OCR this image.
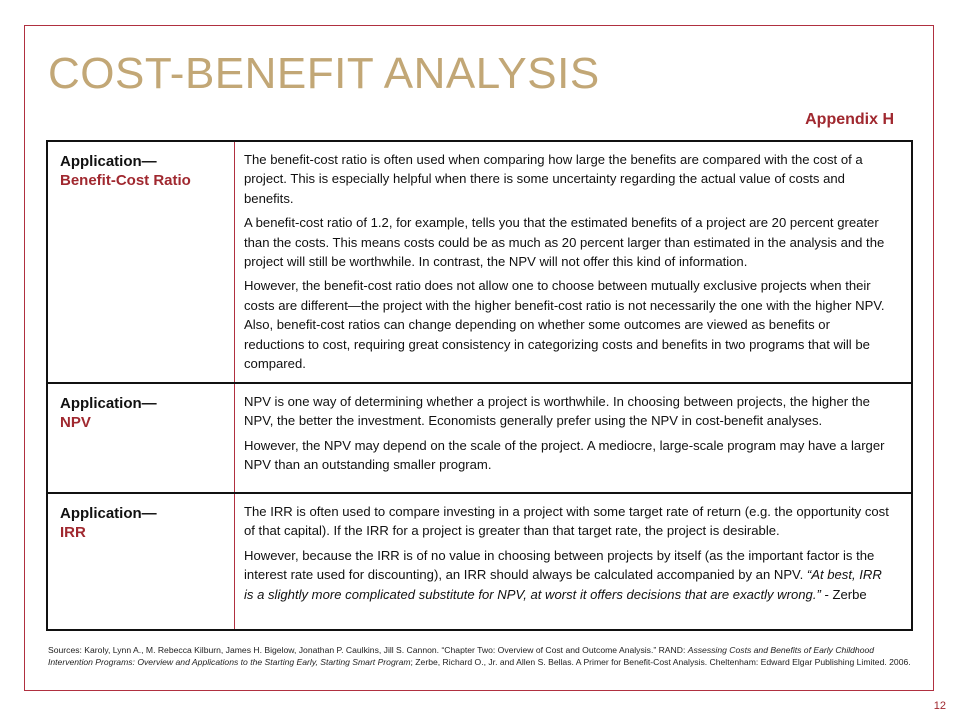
COST-BENEFIT ANALYSIS
Appendix H
Application—
Benefit-Cost Ratio

The benefit-cost ratio is often used when comparing how large the benefits are compared with the cost of a project. This is especially helpful when there is some uncertainty regarding the actual value of costs and benefits.

A benefit-cost ratio of 1.2, for example, tells you that the estimated benefits of a project are 20 percent greater than the costs. This means costs could be as much as 20 percent larger than estimated in the analysis and the project will still be worthwhile. In contrast, the NPV will not offer this kind of information.

However, the benefit-cost ratio does not allow one to choose between mutually exclusive projects when their costs are different—the project with the higher benefit-cost ratio is not necessarily the one with the higher NPV. Also, benefit-cost ratios can change depending on whether some outcomes are viewed as benefits or reductions to cost, requiring great consistency in categorizing costs and benefits in two programs that will be compared.

Application—
NPV

NPV is one way of determining whether a project is worthwhile. In choosing between projects, the higher the NPV, the better the investment. Economists generally prefer using the NPV in cost-benefit analyses.

However, the NPV may depend on the scale of the project. A mediocre, large-scale program may have a larger NPV than an outstanding smaller program.

Application—
IRR

The IRR is often used to compare investing in a project with some target rate of return (e.g. the opportunity cost of that capital). If the IRR for a project is greater than that target rate, the project is desirable.

However, because the IRR is of no value in choosing between projects by itself (as the important factor is the interest rate used for discounting), an IRR should always be calculated accompanied by an NPV. “At best, IRR is a slightly more complicated substitute for NPV, at worst it offers decisions that are exactly wrong.” - Zerbe

Sources: Karoly, Lynn A., M. Rebecca Kilburn, James H. Bigelow, Jonathan P. Caulkins, Jill S. Cannon. “Chapter Two: Overview of Cost and Outcome Analysis.” RAND: Assessing Costs and Benefits of Early Childhood Intervention Programs: Overview and Applications to the Starting Early, Starting Smart Program; Zerbe, Richard O., Jr. and Allen S. Bellas. A Primer for Benefit-Cost Analysis. Cheltenham: Edward Elgar Publishing Limited. 2006.
12
